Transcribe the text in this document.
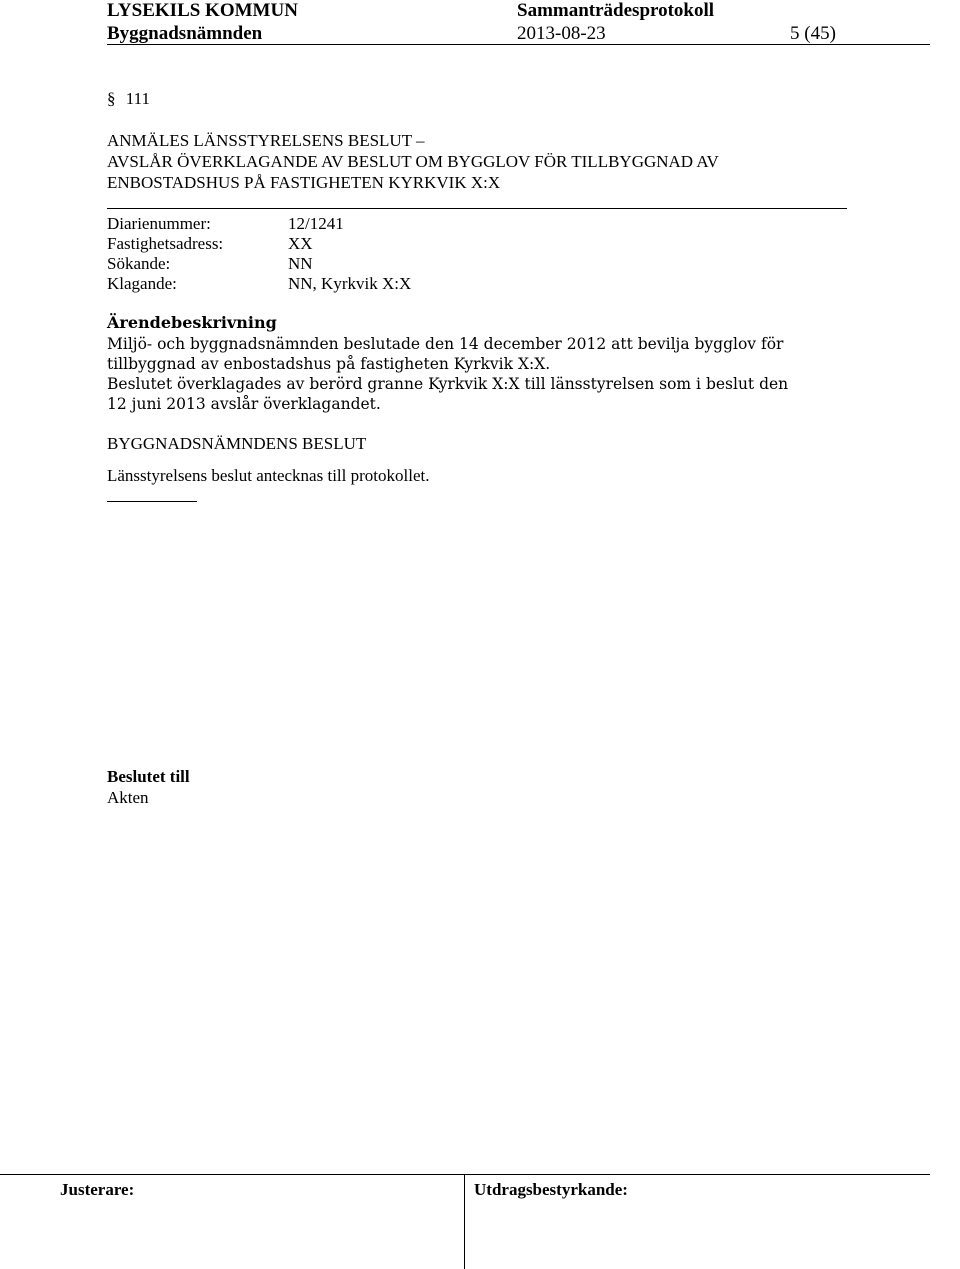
LYSEKILS KOMMUN	Sammanträdesprotokoll
Byggnadsnämnden	2013-08-23	5 (45)
§ 111
ANMÄLES LÄNSSTYRELSENS BESLUT –
AVSLÅR ÖVERKLAGANDE AV BESLUT OM BYGGLOV FÖR TILLBYGGNAD AV
ENBOSTADSHUS PÅ FASTIGHETEN KYRKVIK X:X
Diarienummer:	12/1241
Fastighetsadress:	XX
Sökande:	NN
Klagande:	NN, Kyrkvik X:X
Ärendebeskrivning
Miljö- och byggnadsnämnden beslutade den 14 december 2012 att bevilja bygglov för
tillbyggnad av enbostadshus på fastigheten Kyrkvik X:X.
Beslutet överklagades av berörd granne Kyrkvik X:X till länsstyrelsen som i beslut den
12 juni 2013 avslår överklagandet.
BYGGNADSNÄMNDENS BESLUT
Länsstyrelsens beslut antecknas till protokollet.
Beslutet till
Akten
Justerare:	Utdragsbestyrkande:
